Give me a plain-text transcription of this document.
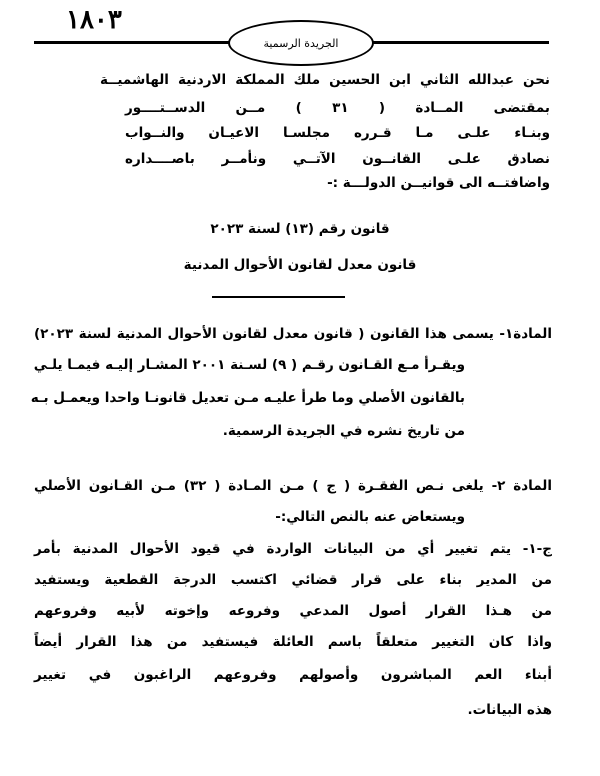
١٨٠٣
الجريدة الرسمية
نحن عبدالله الثاني ابن الحسين ملك المملكة الاردنية الهاشميــة
بمقتضى المــادة ( ٣١ ) مــن الدســتــــور
وبنـاء علـى مـا قـرره مجلسـا الاعيـان والنــواب
نصادق علـى القانــون الآتــي ونأمــر باصــــداره
واضافتــه الى قوانيــن الدولـــة :-
قانون رقم (١٣) لسنة ٢٠٢٣
قانون معدل لقانون الأحوال المدنية
المادة١- يسمى هذا القانون ( قانون معدل لقانون الأحوال المدنية لسنة ٢٠٢٣)
ويقـرأ مـع القـانون رقـم ( ٩) لسـنة ٢٠٠١ المشـار إليـه فيمـا يلـي
بالقانون الأصلي وما طرأ عليـه مـن تعديل قانونـا واحدا ويعمـل بـه
من تاريخ نشره في الجريدة الرسمية.
المادة ٢- يلغى نـص الفقـرة ( ج ) مـن المـادة ( ٣٢) مـن القـانون الأصلي
ويستعاض عنه بالنص التالي:-
ج-١- يتم تغيير أي من البيانات الواردة في قيود الأحوال المدنية بأمر
من المدير بناء على قرار قضائي اكتسب الدرجة القطعية ويستفيد
من هـذا القرار أصول المدعي وفروعه وإخوته لأبيه وفروعهم
واذا كان التغيير متعلقاً باسم العائلة فيستفيد من هذا القرار أيضاً
أبناء العم المباشرون وأصولهم وفروعهم الراغبون في تغيير
هذه البيانات.
